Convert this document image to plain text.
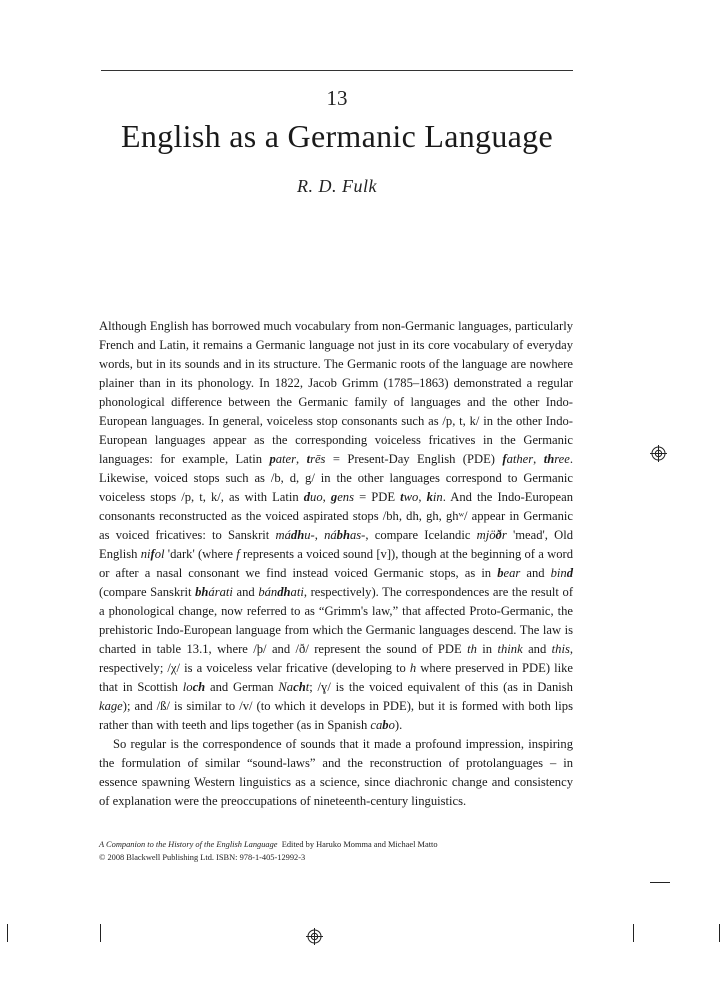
13
English as a Germanic Language
R. D. Fulk

Although English has borrowed much vocabulary from non-Germanic languages, particularly French and Latin, it remains a Germanic language not just in its core vocabulary of everyday words, but in its sounds and in its structure. The Germanic roots of the language are nowhere plainer than in its phonology. In 1822, Jacob Grimm (1785–1863) demonstrated a regular phonological difference between the Germanic family of languages and the other Indo-European languages. In general, voiceless stop consonants such as /p, t, k/ in the other Indo-European languages appear as the corresponding voiceless fricatives in the Germanic languages: for example, Latin pater, trēs = Present-Day English (PDE) father, three. Likewise, voiced stops such as /b, d, g/ in the other languages correspond to Germanic voiceless stops /p, t, k/, as with Latin duo, gens = PDE two, kin. And the Indo-European consonants reconstructed as the voiced aspirated stops /bh, dh, gh, ghʷ/ appear in Germanic as voiced fricatives: to Sanskrit mádhu-, nábhas-, compare Icelandic mjöðr 'mead', Old English nifol 'dark' (where f represents a voiced sound [v]), though at the beginning of a word or after a nasal consonant we find instead voiced Germanic stops, as in bear and bind (compare Sanskrit bhárati and bándhati, respectively). The correspondences are the result of a phonological change, now referred to as “Grimm's law,” that affected Proto-Germanic, the prehistoric Indo-European language from which the Germanic languages descend. The law is charted in table 13.1, where /þ/ and /ð/ represent the sound of PDE th in think and this, respectively; /χ/ is a voiceless velar fricative (developing to h where preserved in PDE) like that in Scottish loch and German Nacht; /ɣ/ is the voiced equivalent of this (as in Danish kage); and /ß/ is similar to /v/ (to which it develops in PDE), but it is formed with both lips rather than with teeth and lips together (as in Spanish cabo).

So regular is the correspondence of sounds that it made a profound impression, inspiring the formulation of similar “sound-laws” and the reconstruction of protolanguages – in essence spawning Western linguistics as a science, since diachronic change and consistency of explanation were the preoccupations of nineteenth-century linguistics.

A Companion to the History of the English Language Edited by Haruko Momma and Michael Matto
© 2008 Blackwell Publishing Ltd. ISBN: 978-1-405-12992-3
